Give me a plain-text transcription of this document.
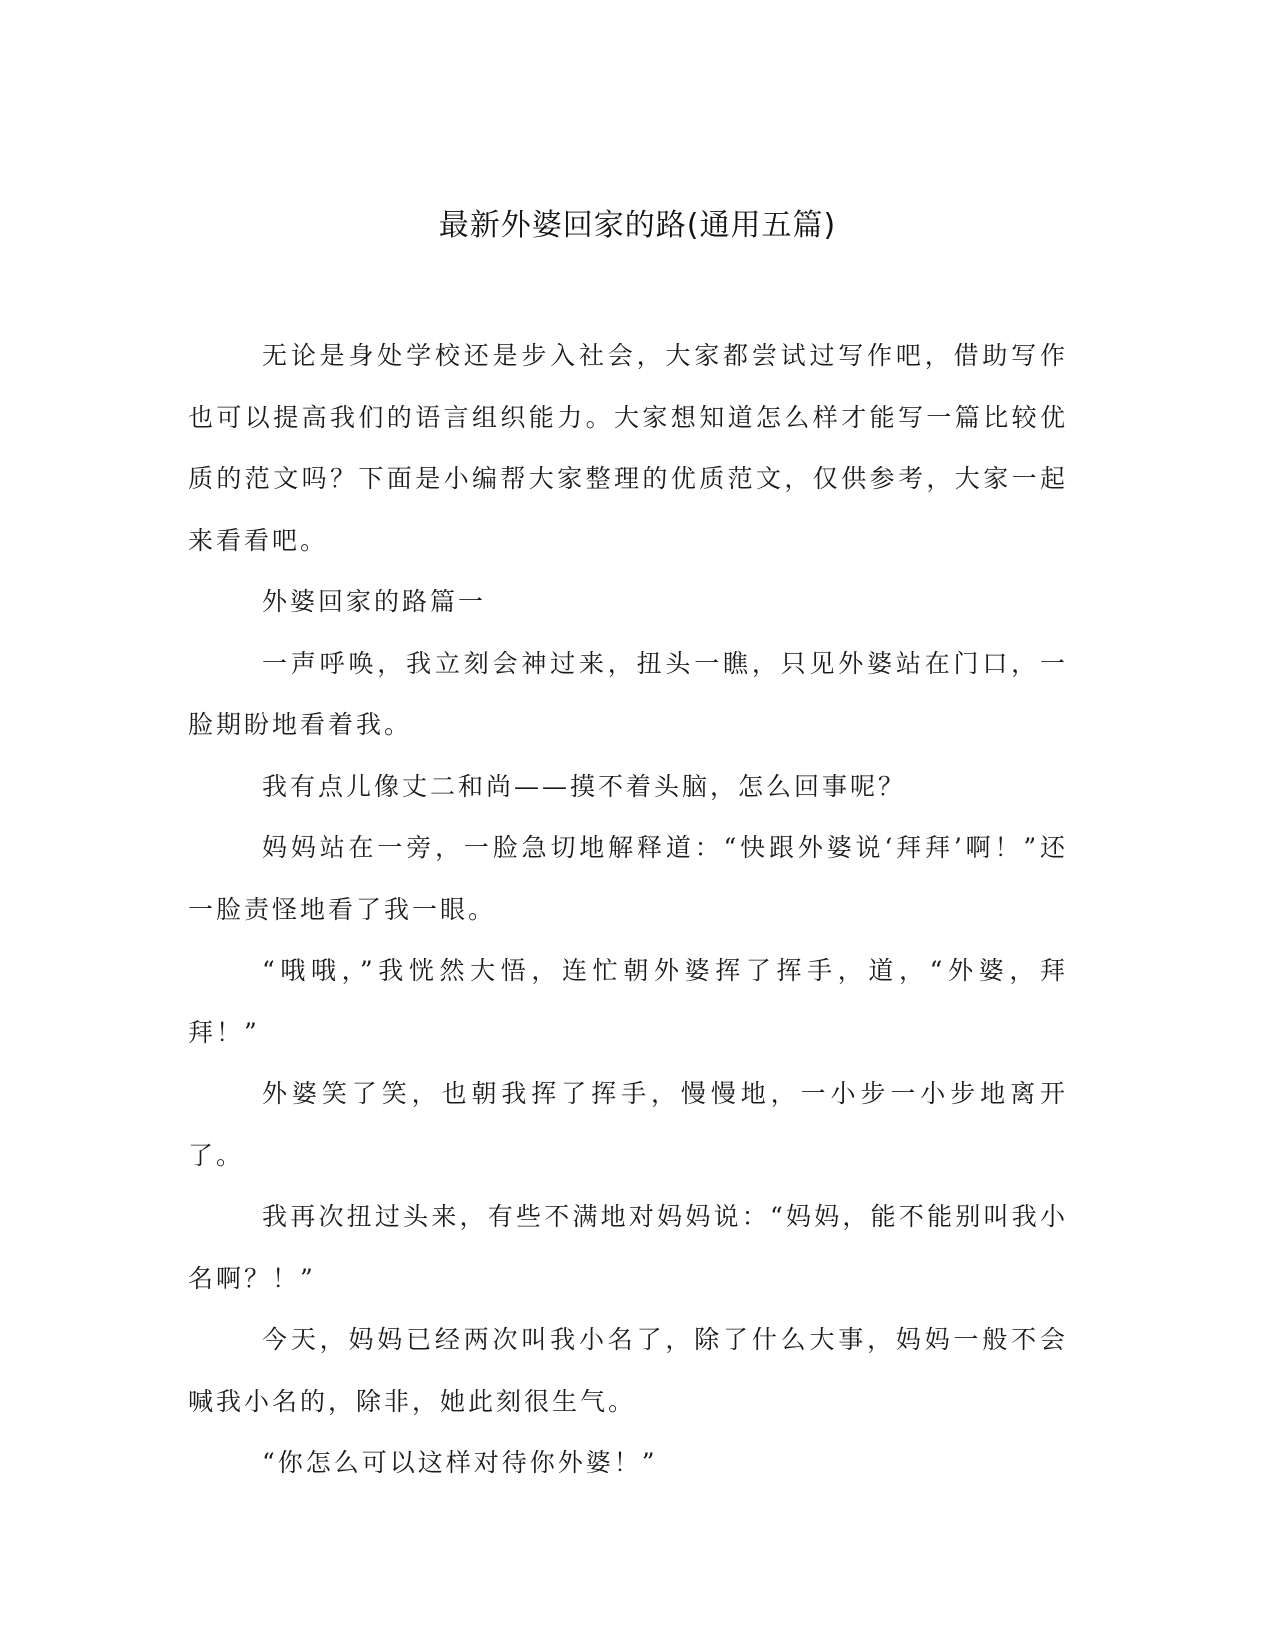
最新外婆回家的路(通用五篇)

无论是身处学校还是步入社会，大家都尝试过写作吧，借助写作也可以提高我们的语言组织能力。大家想知道怎么样才能写一篇比较优质的范文吗？下面是小编帮大家整理的优质范文，仅供参考，大家一起来看看吧。

外婆回家的路篇一

一声呼唤，我立刻会神过来，扭头一瞧，只见外婆站在门口，一脸期盼地看着我。

我有点儿像丈二和尚——摸不着头脑，怎么回事呢？

妈妈站在一旁，一脸急切地解释道：“快跟外婆说‘拜拜’啊！”还一脸责怪地看了我一眼。

“哦哦，”我恍然大悟，连忙朝外婆挥了挥手，道，“外婆，拜拜！”

外婆笑了笑，也朝我挥了挥手，慢慢地，一小步一小步地离开了。

我再次扭过头来，有些不满地对妈妈说：“妈妈，能不能别叫我小名啊？！”

今天，妈妈已经两次叫我小名了，除了什么大事，妈妈一般不会喊我小名的，除非，她此刻很生气。

“你怎么可以这样对待你外婆！”
